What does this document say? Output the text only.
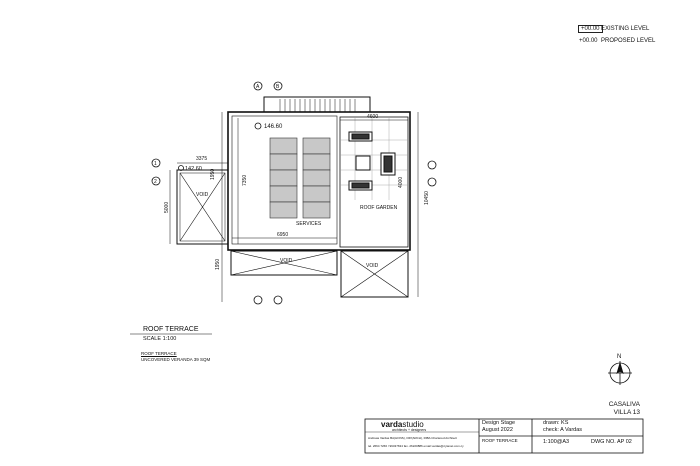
+00.00 EXISTING LEVEL
+00.00 PROPOSED LEVEL
146.60
142.60
3375
1950
5000
7350
6950
1950
4600
4000
10450
VOID
VOID
VOID
SERVICES
ROOF GARDEN
A	B
1
2
ROOF TERRACE
SCALE 1:100
ROOF TERRACE
UNCOVERED VERANDA 39 SQM	N
CASALIVA
VILLA 13
vardastudio
architects + designers
Andreas Vardas BA(HONS), DIP(ARCH), RIBA Chartered Architect
tel. 2664 7266 / 99437634 fax. 26220886 email vardas@cytanet.com.cy
Design Stage
August 2022
drawn: KS
check: A Vardas
ROOF TERRACE	1:100@A3	DWG NO. AP 02
